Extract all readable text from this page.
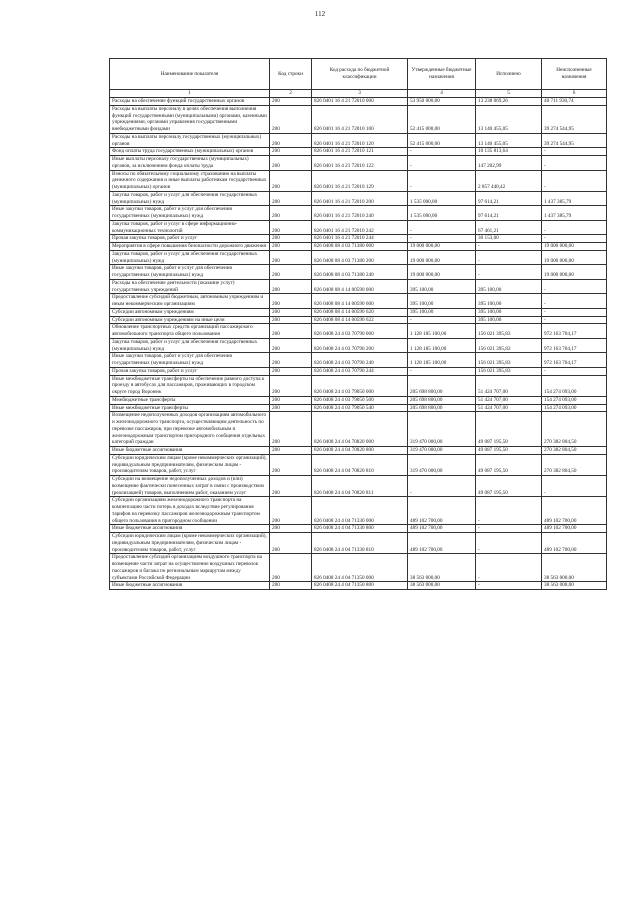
112
Наименование показателя	Код строки	Код расхода по бюджетной классификации	Утвержденные бюджетные назначения	Исполнено	Неисполненные назначения
1	2	3	4	5	6
Расходы на обеспечение функций государственных органов	200	826 0401 16 4 21 72010 000	53 950 000,00	13 238 069,26	40 711 930,74
Расходы на выплаты персоналу в целях обеспечения выполнения функций государственными (муниципальными) органами, казенными учреждениями, органами управления государственными внебюджетными фондами	200	826 0401 16 4 21 72010 100	52 415 000,00	13 140 455,05	39 274 544,95
Расходы на выплаты персоналу государственных (муниципальных) органов	200	826 0401 16 4 21 72010 120	52 415 000,00	13 140 455,05	39 274 544,95
Фонд оплаты труда государственных (муниципальных) органов	200	826 0401 16 4 21 72010 121	-	10 135 813,64	-
Иные выплаты персоналу государственных (муниципальных) органов, за исключением фонда оплаты труда	200	826 0401 16 4 21 72010 122	-	147 202,99	-
Взносы по обязательному социальному страхованию на выплаты денежного содержания и иные выплаты работникам государственных (муниципальных) органов	200	826 0401 16 4 21 72010 129	-	2 857 440,42	-
Закупка товаров, работ и услуг для обеспечения государственных (муниципальных) нужд	200	826 0401 16 4 21 72010 200	1 535 000,00	97 614,21	1 437 385,79
Иные закупки товаров, работ и услуг для обеспечения государственных (муниципальных) нужд	200	826 0401 16 4 21 72010 240	1 535 000,00	97 614,21	1 437 385,79
Закупка товаров, работ и услуг в сфере информационно-коммуникационных технологий	200	826 0401 16 4 21 72010 242	-	67 461,21	-
Прочая закупка товаров, работ и услуг	200	826 0401 16 4 21 72010 244	-	30 153,00	-
Мероприятия в сфере повышения безопасности дорожного движения	200	826 0408 08 4 03 71380 000	19 000 000,00	-	19 000 000,00
Закупка товаров, работ и услуг для обеспечения государственных (муниципальных) нужд	200	826 0408 08 4 03 71380 200	19 000 000,00	-	19 000 000,00
Иные закупки товаров, работ и услуг для обеспечения государственных (муниципальных) нужд	200	826 0408 08 4 03 71380 240	19 000 000,00	-	19 000 000,00
Расходы на обеспечение деятельности (оказание услуг) государственных учреждений	200	826 0408 08 4 14 00590 000	395 100,00	395 100,00	-
Предоставление субсидий бюджетным, автономным учреждениям и иным некоммерческим организациям	200	826 0408 08 4 14 00590 600	395 100,00	395 100,00	-
Субсидии автономным учреждениям	200	826 0408 08 4 14 00590 620	395 100,00	395 100,00	-
Субсидии автономным учреждениям на иные цели	200	826 0408 08 4 14 00590 622	-	395 100,00	-
Обновление транспортных средств организаций пассажирского автомобильного транспорта общего пользования	200	826 0408 24 4 03 70790 000	1 128 185 100,00	156 021 395,83	972 163 704,17
Закупка товаров, работ и услуг для обеспечения государственных (муниципальных) нужд	200	826 0408 24 4 03 70790 200	1 128 185 100,00	156 021 395,83	972 163 704,17
Иные закупки товаров, работ и услуг для обеспечения государственных (муниципальных) нужд	200	826 0408 24 4 03 70790 240	1 128 185 100,00	156 021 395,83	972 163 704,17
Прочая закупка товаров, работ и услуг	200	826 0408 24 4 03 70790 244	-	156 021 395,83	-
Иные межбюджетные трансферты на обеспечение равного доступа к проезду в автобусах для пассажиров, проживающих в городском округе город Воронеж	200	826 0408 24 4 03 79050 000	205 698 800,00	51 424 707,00	154 274 093,00
Межбюджетные трансферты	200	826 0408 24 4 03 79050 500	205 698 800,00	51 424 707,00	154 274 093,00
Иные межбюджетные трансферты	200	826 0408 24 4 03 79050 540	205 698 800,00	51 424 707,00	154 274 093,00
Возмещение недополученных доходов организациям автомобильного и железнодорожного транспорта, осуществляющим деятельность по перевозке пассажиров, при перевозке автомобильным и железнодорожным транспортом пригородного сообщения отдельных категорий граждан	200	826 0408 24 4 04 70820 000	319 470 000,00	49 087 195,50	270 382 804,50
Иные бюджетные ассигнования	200	826 0408 24 4 04 70820 800	319 470 000,00	49 087 195,50	270 382 804,50
Субсидии юридическим лицам (кроме некоммерческих организаций), индивидуальным предпринимателям, физическим лицам - производителям товаров, работ, услуг	200	826 0408 24 4 04 70820 810	319 470 000,00	49 087 195,50	270 382 804,50
Субсидии на возмещение недополученных доходов и (или) возмещение фактически понесенных затрат в связи с производством (реализацией) товаров, выполнением работ, оказанием услуг	200	826 0408 24 4 04 70820 811	-	49 087 195,50	-
Субсидии организациям железнодорожного транспорта на компенсацию части потерь в доходах вследствие регулирования тарифов на перевозку пассажиров железнодорожным транспортом общего пользования в пригородном сообщении	200	826 0408 24 4 04 71330 000	489 102 700,00	-	489 102 700,00
Иные бюджетные ассигнования	200	826 0408 24 4 04 71330 800	489 102 700,00	-	489 102 700,00
Субсидии юридическим лицам (кроме некоммерческих организаций), индивидуальным предпринимателям, физическим лицам - производителям товаров, работ, услуг	200	826 0408 24 4 04 71330 810	489 102 700,00	-	489 102 700,00
Предоставление субсидий организациям воздушного транспорта на возмещение части затрат на осуществление воздушных перевозок пассажиров и багажа по региональным маршрутам между субъектами Российской Федерации	200	826 0408 24 4 04 71350 000	38 563 000,00	-	38 563 000,00
Иные бюджетные ассигнования	200	826 0408 24 4 04 71350 800	38 563 000,00	-	38 563 000,00
